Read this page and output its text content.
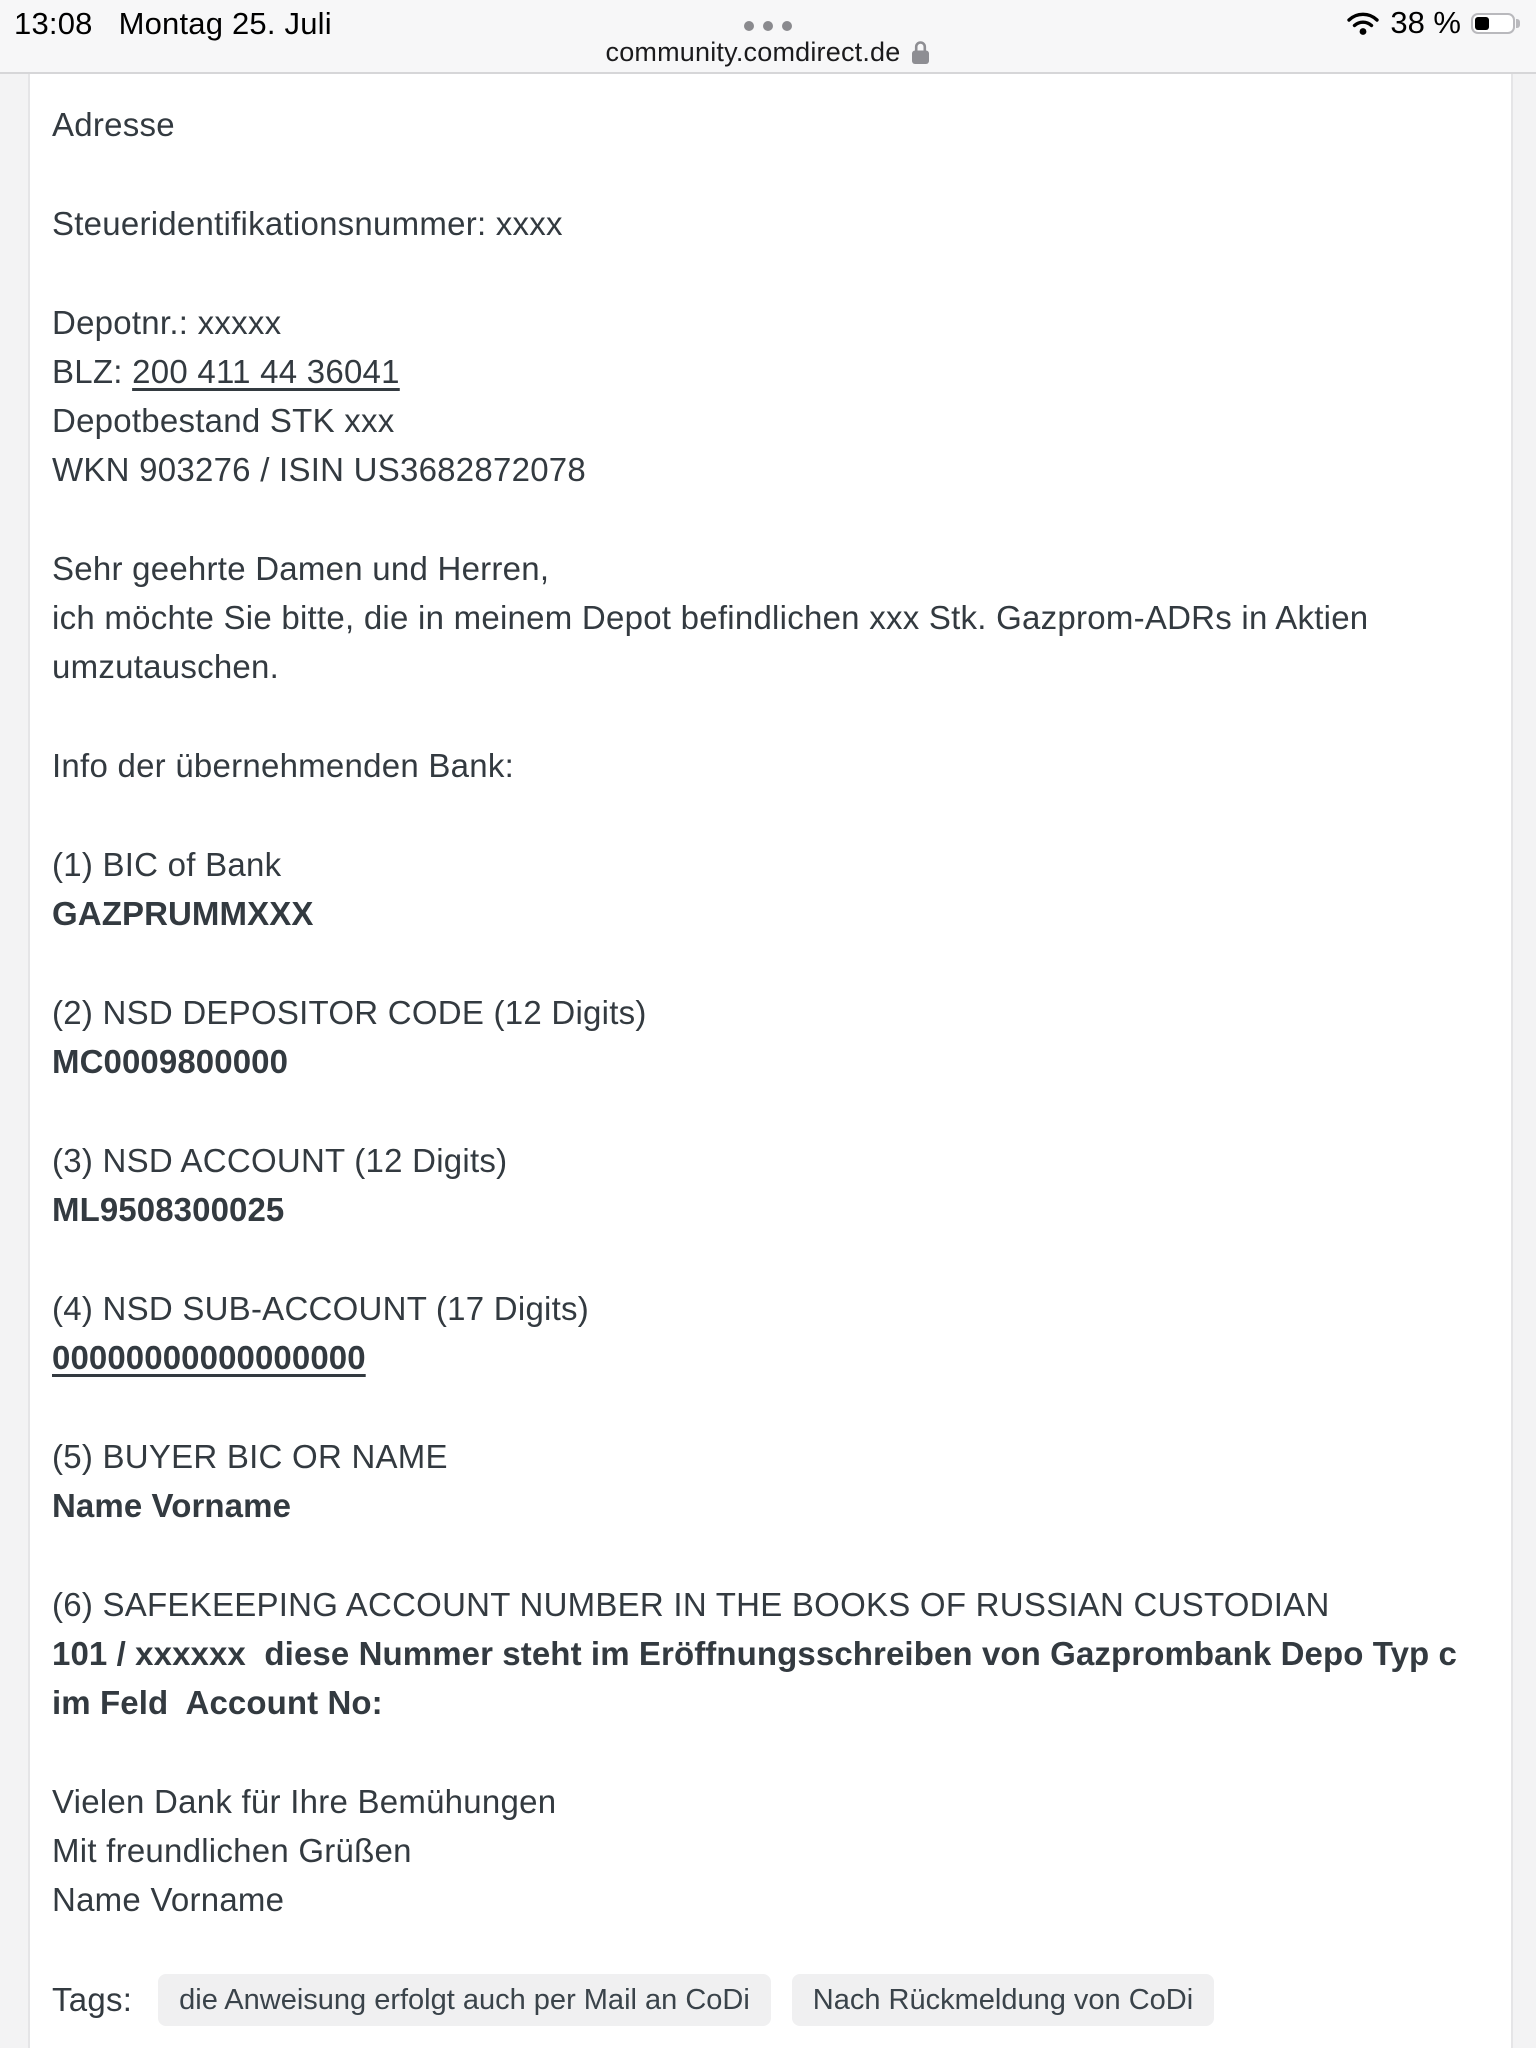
13:08 Montag 25. Juli	38 %
community.comdirect.de

Adresse

Steueridentifikationsnummer: xxxx

Depotnr.: xxxxx
BLZ: 200 411 44 36041
Depotbestand STK xxx
WKN 903276 / ISIN US3682872078

Sehr geehrte Damen und Herren,
ich möchte Sie bitte, die in meinem Depot befindlichen xxx Stk. Gazprom-ADRs in Aktien umzutauschen.

Info der übernehmenden Bank:

(1) BIC of Bank
GAZPRUMMXXX

(2) NSD DEPOSITOR CODE (12 Digits)
MC0009800000

(3) NSD ACCOUNT (12 Digits)
ML9508300025

(4) NSD SUB-ACCOUNT (17 Digits)
00000000000000000

(5) BUYER BIC OR NAME
Name Vorname

(6) SAFEKEEPING ACCOUNT NUMBER IN THE BOOKS OF RUSSIAN CUSTODIAN
101 / xxxxxx  diese Nummer steht im Eröffnungsschreiben von Gazprombank Depo Typ c im Feld  Account No:

Vielen Dank für Ihre Bemühungen
Mit freundlichen Grüßen
Name Vorname

Tags:	die Anweisung erfolgt auch per Mail an CoDi	Nach Rückmeldung von CoDi
